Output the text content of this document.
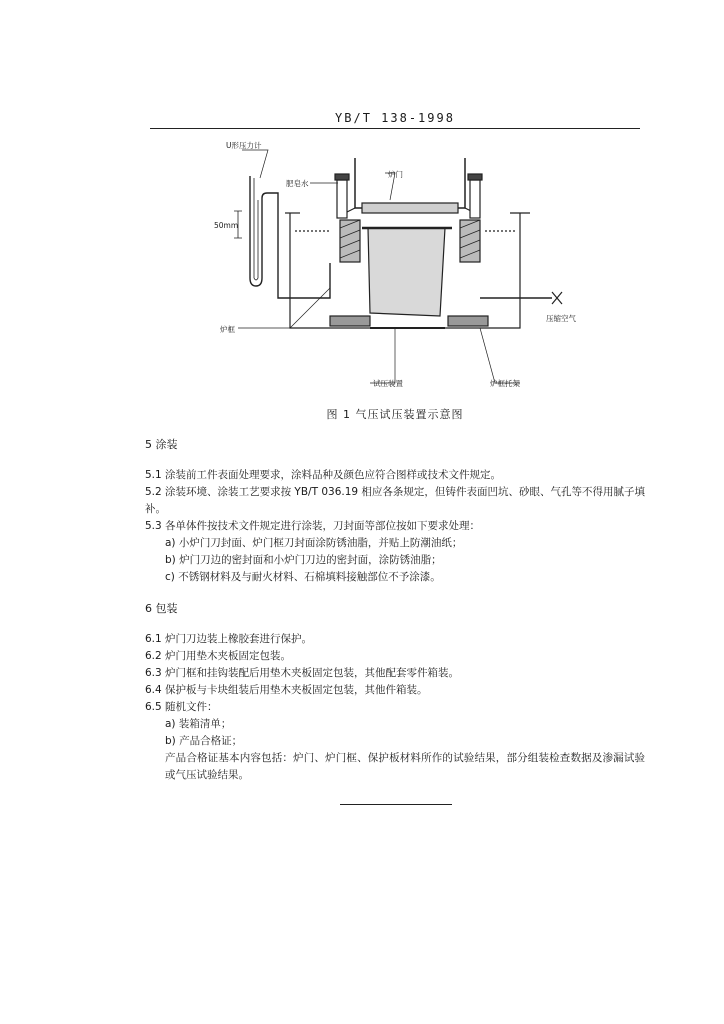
YB/T 138-1998
U形压力计
肥皂水
炉门
50mm
炉框
压缩空气
试压装置	炉框托架
图 1 气压试压装置示意图

5 涂装

5.1 涂装前工件表面处理要求，涂料品种及颜色应符合图样或技术文件规定。

5.2 涂装环境、涂装工艺要求按 YB/T 036.19 相应各条规定，但铸件表面凹坑、砂眼、气孔等不得用腻子填补。

5.3 各单体件按技术文件规定进行涂装，刀封面等部位按如下要求处理：

a) 小炉门刀封面、炉门框刀封面涂防锈油脂，并贴上防潮油纸；

b) 炉门刀边的密封面和小炉门刀边的密封面，涂防锈油脂；

c) 不锈钢材料及与耐火材料、石棉填料接触部位不予涂漆。

6 包装

6.1 炉门刀边装上橡胶套进行保护。

6.2 炉门用垫木夹板固定包装。

6.3 炉门框和挂钩装配后用垫木夹板固定包装，其他配套零件箱装。

6.4 保护板与卡块组装后用垫木夹板固定包装，其他件箱装。

6.5 随机文件：

a) 装箱清单；

b) 产品合格证；

产品合格证基本内容包括：炉门、炉门框、保护板材料所作的试验结果，部分组装检查数据及渗漏试验或气压试验结果。
